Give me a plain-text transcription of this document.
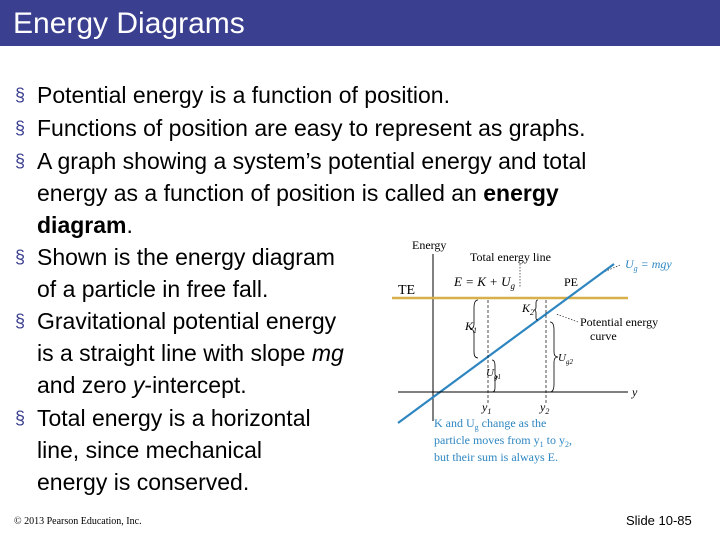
Energy Diagrams
§ Potential energy is a function of position.
§ Functions of position are easy to represent as graphs.
§ A graph showing a system’s potential energy and total
energy as a function of position is called an energy
diagram.
§ Shown is the energy diagram
of a particle in free fall.
§ Gravitational potential energy
is a straight line with slope mg
and zero y-intercept.
§ Total energy is a horizontal
line, since mechanical
energy is conserved.
Energy
Total energy line
TE
$E = K + U_g$
$U_g$ = mgy
PE
y
$K_1$
$K_2$
$U_{g1}$
$U_{g2}$
Potential energy
curve
$y_1$	$y_2$
K and $U_g$ change as the
particle moves from $y_1$ to $y_2$,
but their sum is always E.
© 2013 Pearson Education, Inc.	Slide 10-85
